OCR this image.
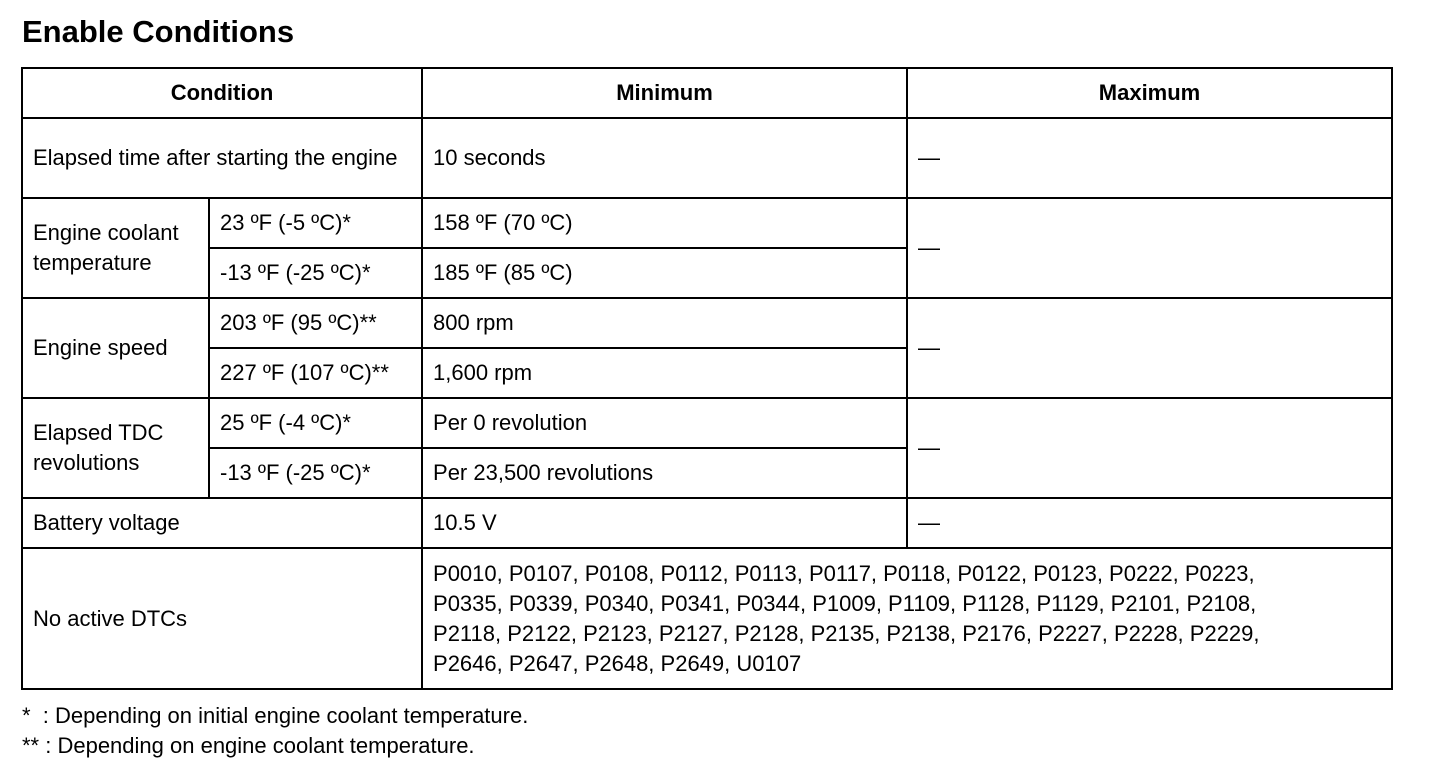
Enable Conditions
Condition		Minimum	Maximum
Elapsed time after starting the engine		10 seconds	—
Engine coolant temperature	23 ºF (-5 ºC)*	158 ºF (70 ºC)	—
	-13 ºF (-25 ºC)*	185 ºF (85 ºC)	
Engine speed	203 ºF (95 ºC)**	800 rpm	—
	227 ºF (107 ºC)**	1,600 rpm	
Elapsed TDC revolutions	25 ºF (-4 ºC)*	Per 0 revolution	—
	-13 ºF (-25 ºC)*	Per 23,500 revolutions	
Battery voltage		10.5 V	—
No active DTCs		P0010, P0107, P0108, P0112, P0113, P0117, P0118, P0122, P0123, P0222, P0223,
P0335, P0339, P0340, P0341, P0344, P1009, P1109, P1128, P1129, P2101, P2108,
P2118, P2122, P2123, P2127, P2128, P2135, P2138, P2176, P2227, P2228, P2229,
P2646, P2647, P2648, P2649, U0107	

*  : Depending on initial engine coolant temperature.

** : Depending on engine coolant temperature.
